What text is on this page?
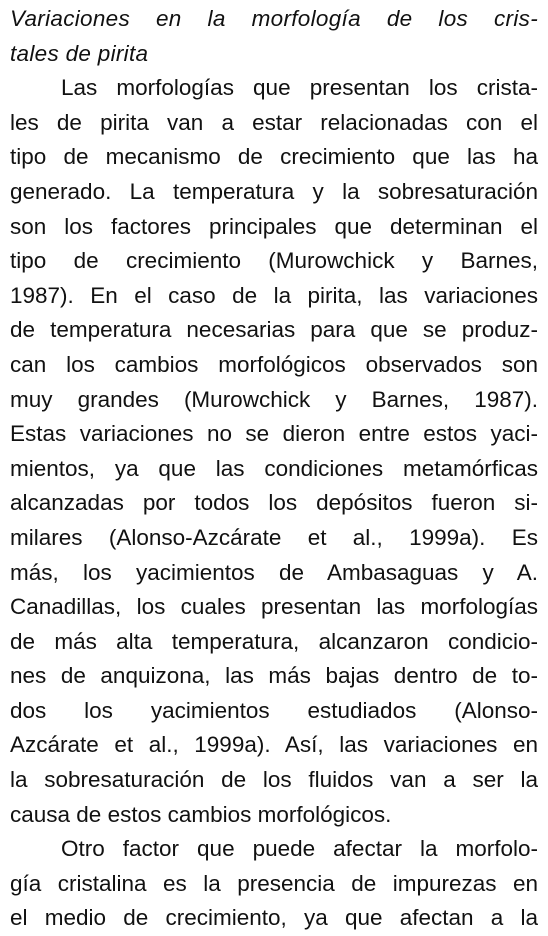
Variaciones en la morfología de los cris-
tales de pirita
Las morfologías que presentan los crista-
les de pirita van a estar relacionadas con el
tipo de mecanismo de crecimiento que las ha
generado. La temperatura y la sobresaturación
son los factores principales que determinan el
tipo de crecimiento (Murowchick y Barnes,
1987). En el caso de la pirita, las variaciones
de temperatura necesarias para que se produz-
can los cambios morfológicos observados son
muy grandes (Murowchick y Barnes, 1987).
Estas variaciones no se dieron entre estos yaci-
mientos, ya que las condiciones metamórficas
alcanzadas por todos los depósitos fueron si-
milares (Alonso-Azcárate et al., 1999a). Es
más, los yacimientos de Ambasaguas y A.
Canadillas, los cuales presentan las morfologías
de más alta temperatura, alcanzaron condicio-
nes de anquizona, las más bajas dentro de to-
dos los yacimientos estudiados (Alonso-
Azcárate et al., 1999a). Así, las variaciones en
la sobresaturación de los fluidos van a ser la
causa de estos cambios morfológicos.
Otro factor que puede afectar la morfolo-
gía cristalina es la presencia de impurezas en
el medio de crecimiento, ya que afectan a la
